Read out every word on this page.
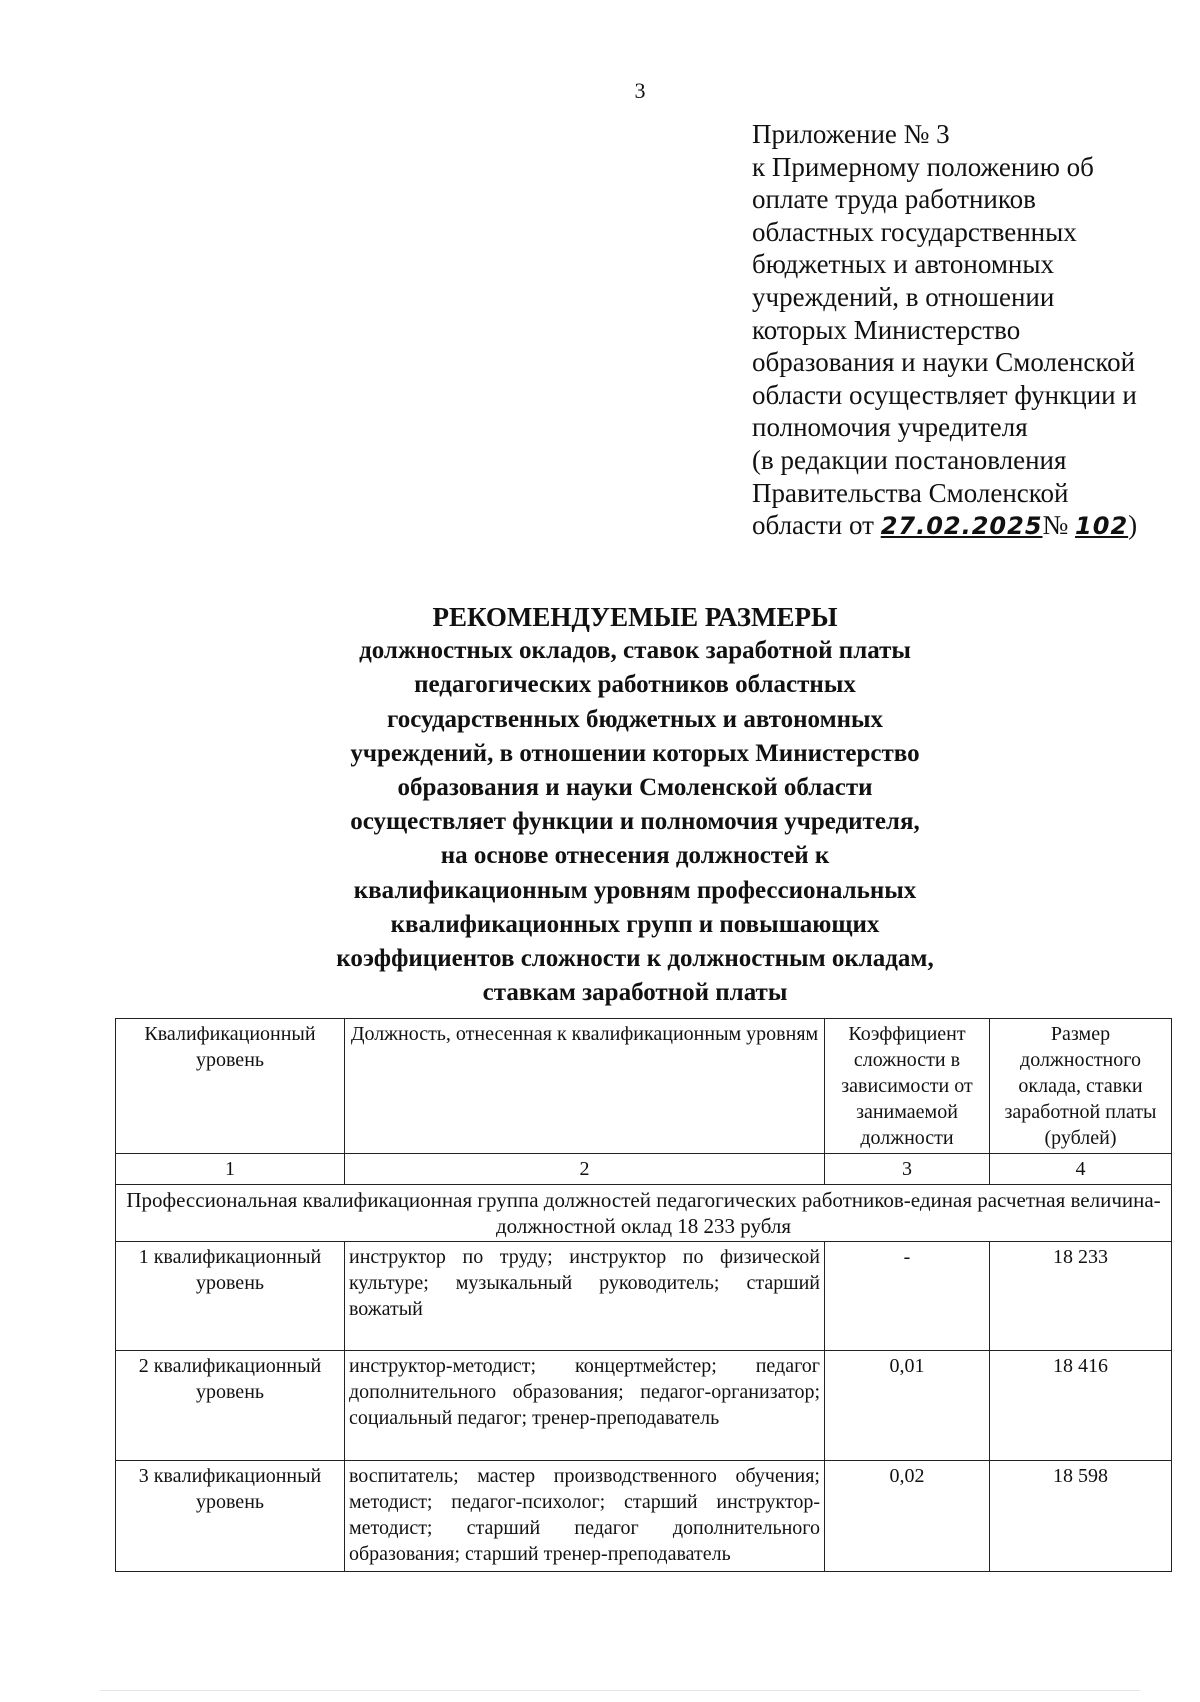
3
Приложение № 3
к Примерному положению об
оплате труда работников
областных государственных
бюджетных и автономных
учреждений, в отношении
которых Министерство
образования и науки Смоленской
области осуществляет функции и
полномочия учредителя
(в редакции постановления
Правительства Смоленской
области от 27.02.2025№ 102)
РЕКОМЕНДУЕМЫЕ РАЗМЕРЫ
должностных окладов, ставок заработной платы
педагогических работников областных
государственных бюджетных и автономных
учреждений, в отношении которых Министерство
образования и науки Смоленской области
осуществляет функции и полномочия учредителя,
на основе отнесения должностей к
квалификационным уровням профессиональных
квалификационных групп и повышающих
коэффициентов сложности к должностным окладам,
ставкам заработной платы
Квалификационный уровень	Должность, отнесенная к квалификационным уровням	Коэффициент сложности в зависимости от занимаемой должности	Размер должностного оклада, ставки заработной платы (рублей)
1	2	3	4
Профессиональная квалификационная группа должностей педагогических работников-единая расчетная величина- должностной оклад 18 233 рубля			
1 квалификационный уровень	инструктор по труду; инструктор по физической культуре; музыкальный руководитель; старший вожатый	-	18 233
2 квалификационный уровень	инструктор-методист; концертмейстер; педагог дополнительного образования; педагог-организатор; социальный педагог; тренер-преподаватель	0,01	18 416
3 квалификационный уровень	воспитатель; мастер производственного обучения; методист; педагог-психолог; старший инструктор-методист; старший педагог дополнительного образования; старший тренер-преподаватель	0,02	18 598
